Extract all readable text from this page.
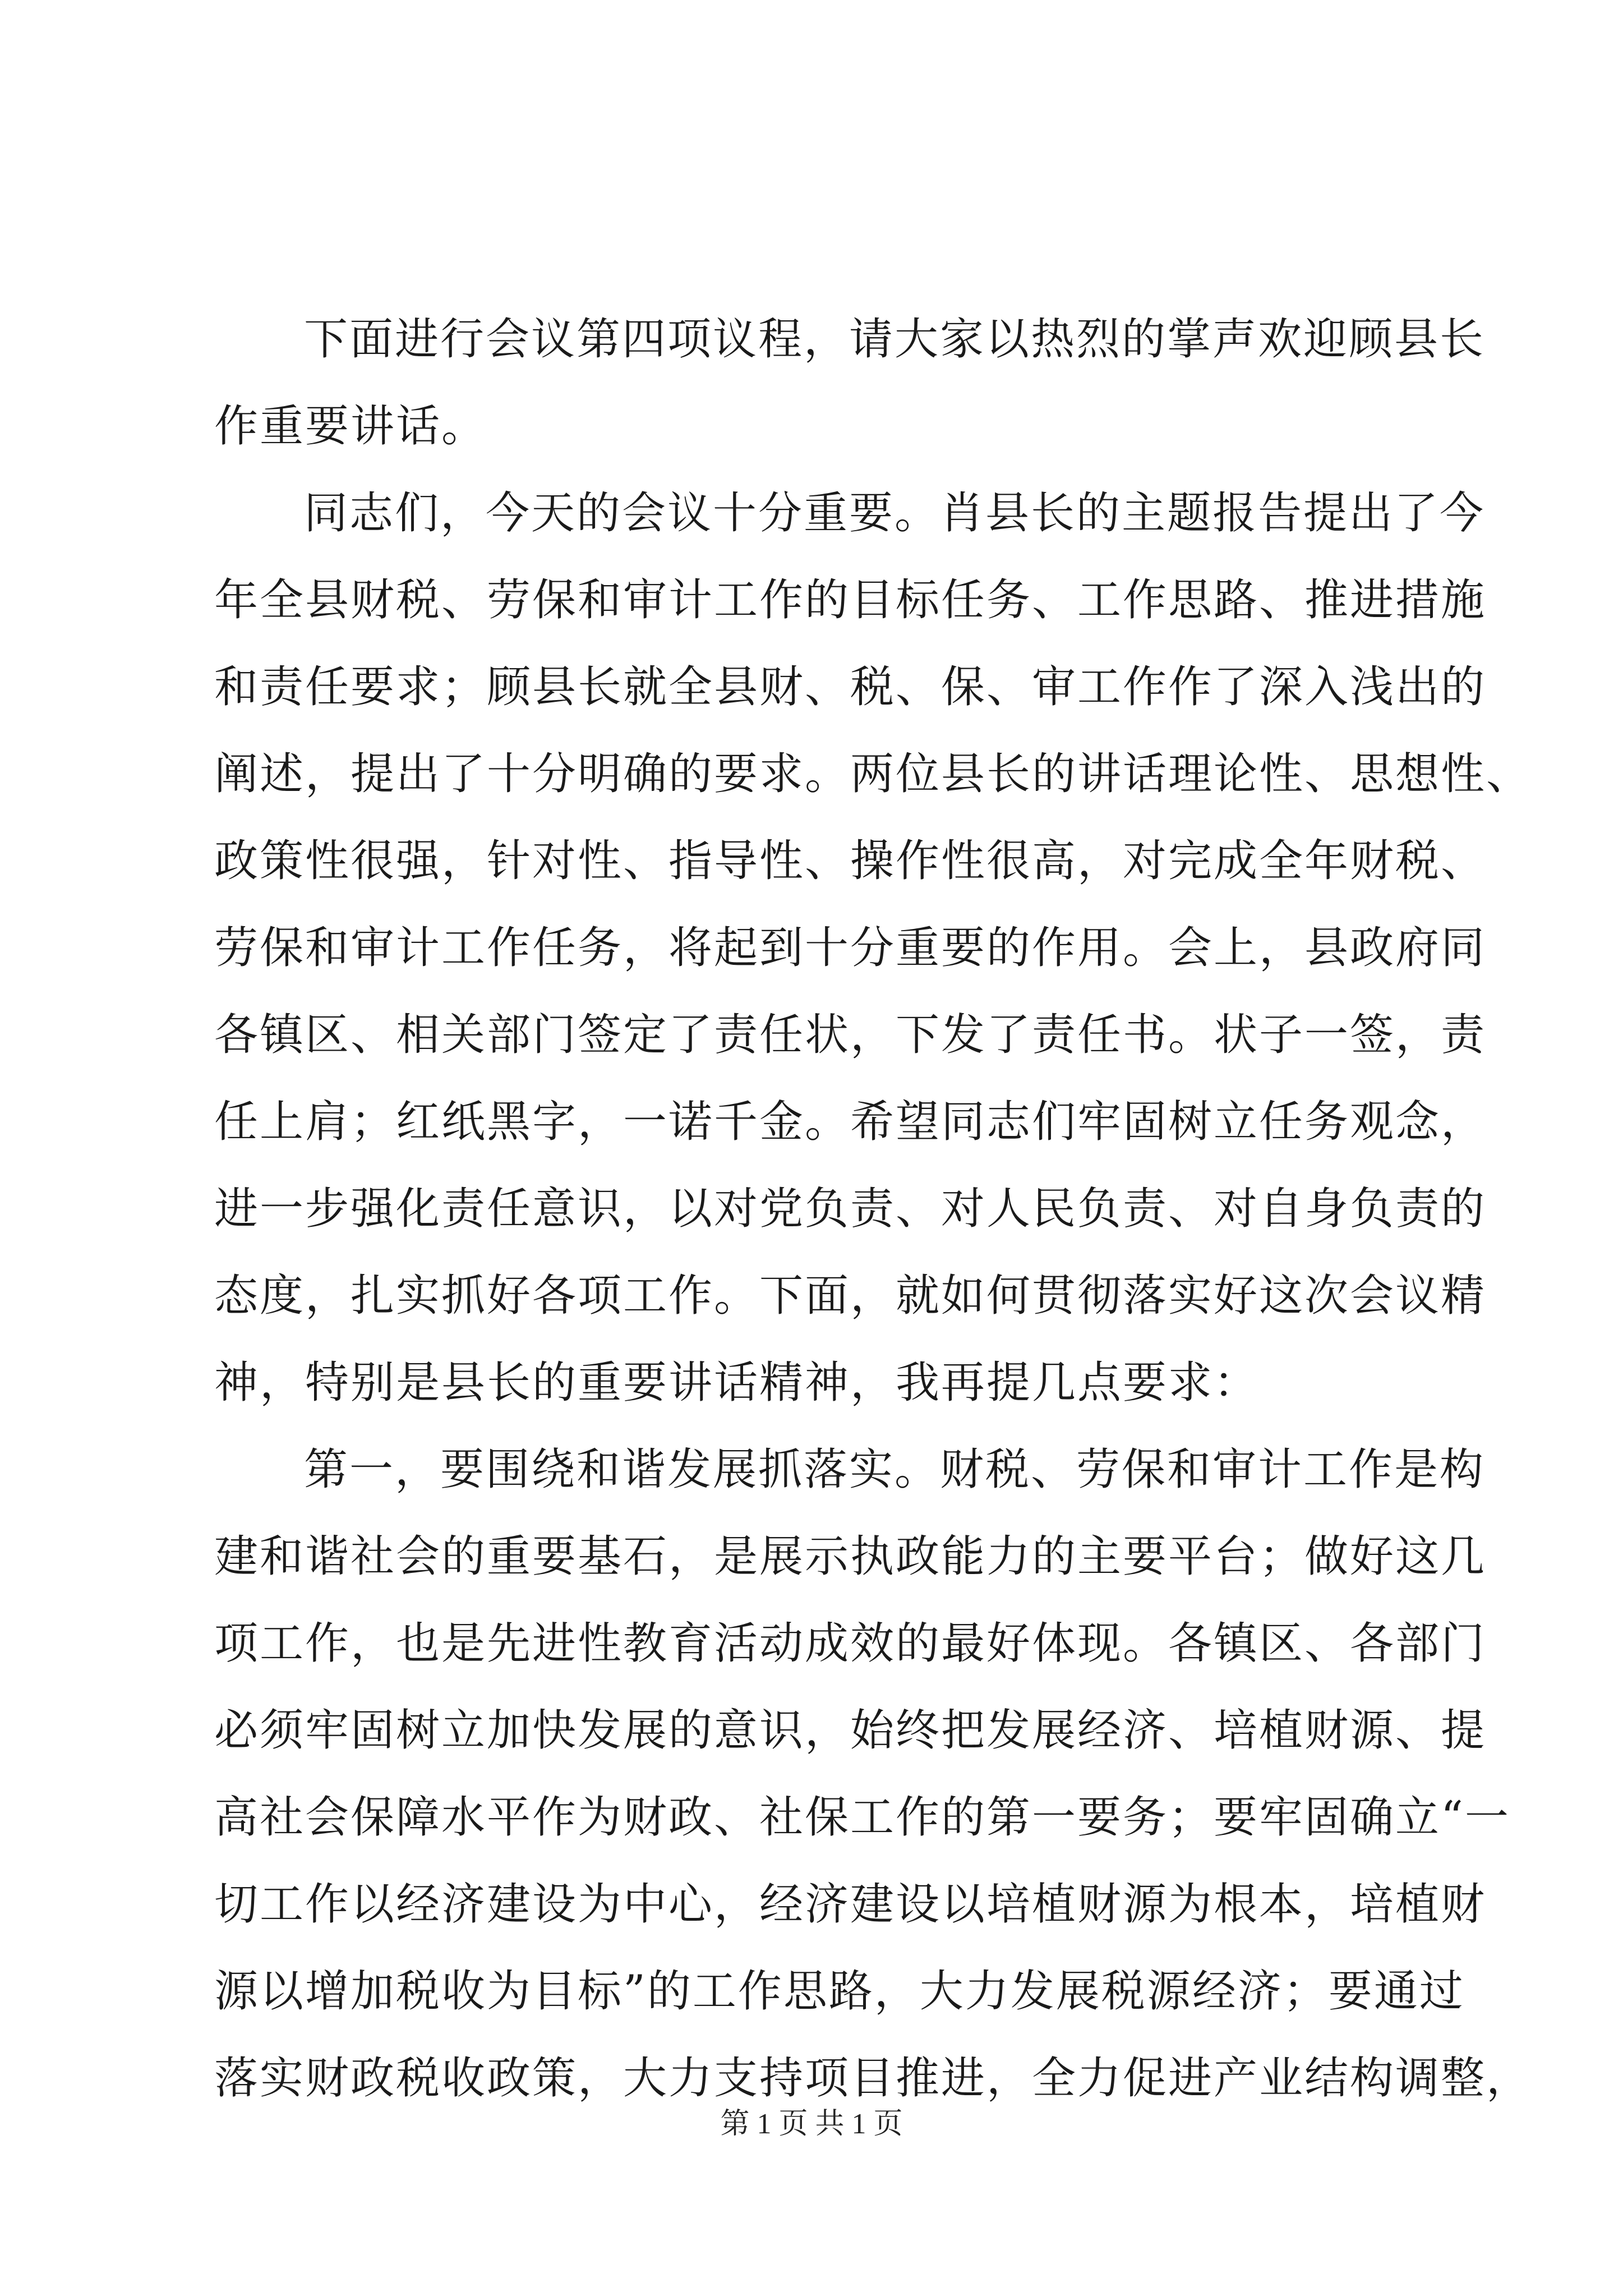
下面进行会议第四项议程，请大家以热烈的掌声欢迎顾县长
作重要讲话。
同志们，今天的会议十分重要。肖县长的主题报告提出了今
年全县财税、劳保和审计工作的目标任务、工作思路、推进措施
和责任要求；顾县长就全县财、税、保、审工作作了深入浅出的
阐述，提出了十分明确的要求。两位县长的讲话理论性、思想性、
政策性很强，针对性、指导性、操作性很高，对完成全年财税、
劳保和审计工作任务，将起到十分重要的作用。会上，县政府同
各镇区、相关部门签定了责任状，下发了责任书。状子一签，责
任上肩；红纸黑字，一诺千金。希望同志们牢固树立任务观念，
进一步强化责任意识，以对党负责、对人民负责、对自身负责的
态度，扎实抓好各项工作。下面，就如何贯彻落实好这次会议精
神，特别是县长的重要讲话精神，我再提几点要求：
第一，要围绕和谐发展抓落实。财税、劳保和审计工作是构
建和谐社会的重要基石，是展示执政能力的主要平台；做好这几
项工作，也是先进性教育活动成效的最好体现。各镇区、各部门
必须牢固树立加快发展的意识，始终把发展经济、培植财源、提
高社会保障水平作为财政、社保工作的第一要务；要牢固确立“一
切工作以经济建设为中心，经济建设以培植财源为根本，培植财
源以增加税收为目标”的工作思路，大力发展税源经济；要通过
落实财政税收政策，大力支持项目推进，全力促进产业结构调整，
第 1 页 共 1 页
